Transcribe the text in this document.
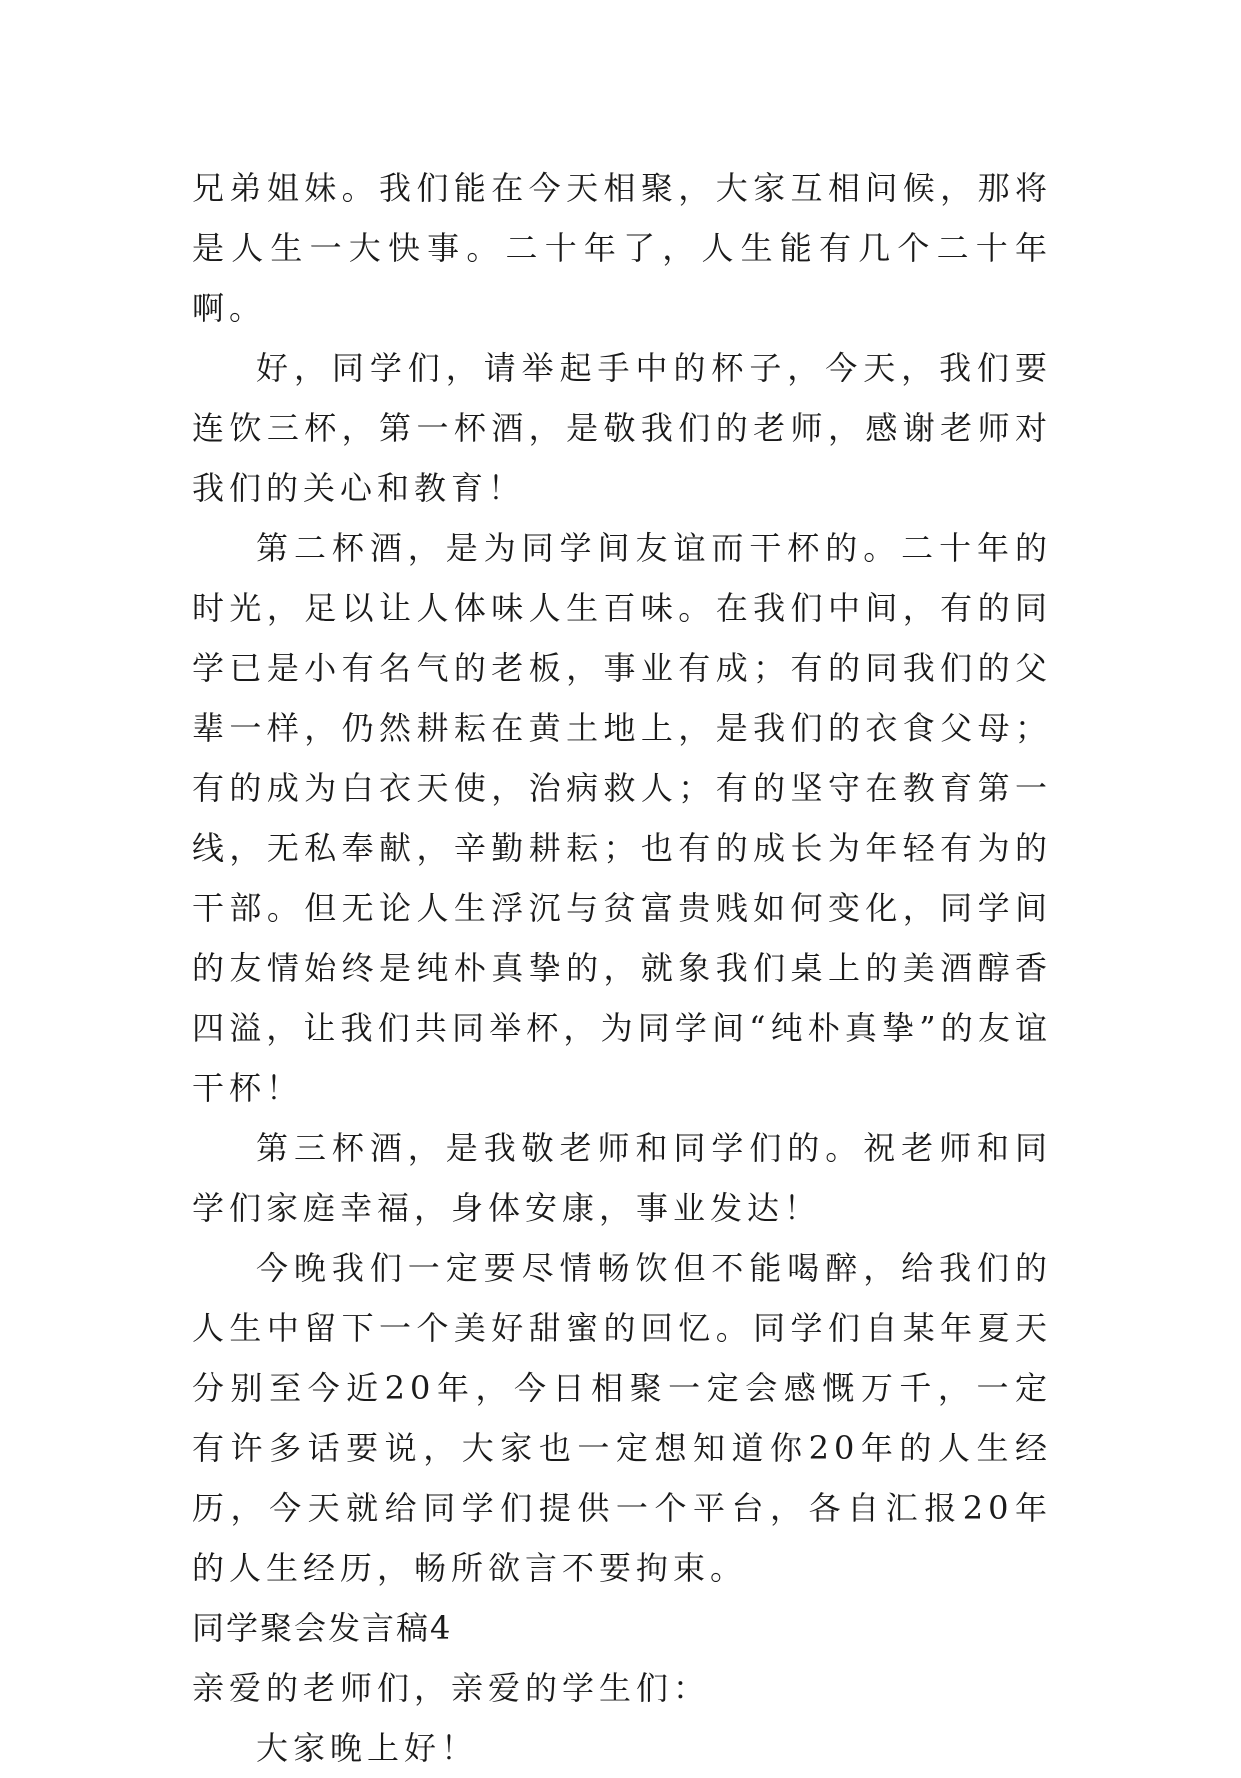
兄弟姐妹。我们能在今天相聚，大家互相问候，那将是人生一大快事。二十年了，人生能有几个二十年啊。

好，同学们，请举起手中的杯子，今天，我们要连饮三杯，第一杯酒，是敬我们的老师，感谢老师对我们的关心和教育！

第二杯酒，是为同学间友谊而干杯的。二十年的时光，足以让人体味人生百味。在我们中间，有的同学已是小有名气的老板，事业有成；有的同我们的父辈一样，仍然耕耘在黄土地上，是我们的衣食父母；有的成为白衣天使，治病救人；有的坚守在教育第一线，无私奉献，辛勤耕耘；也有的成长为年轻有为的干部。但无论人生浮沉与贫富贵贱如何变化，同学间的友情始终是纯朴真挚的，就象我们桌上的美酒醇香四溢，让我们共同举杯，为同学间“纯朴真挚”的友谊干杯！

第三杯酒，是我敬老师和同学们的。祝老师和同学们家庭幸福，身体安康，事业发达！

今晚我们一定要尽情畅饮但不能喝醉，给我们的人生中留下一个美好甜蜜的回忆。同学们自某年夏天分别至今近20年，今日相聚一定会感慨万千，一定有许多话要说，大家也一定想知道你20年的人生经历，今天就给同学们提供一个平台，各自汇报20年的人生经历，畅所欲言不要拘束。

同学聚会发言稿4

亲爱的老师们，亲爱的学生们：

大家晚上好！
